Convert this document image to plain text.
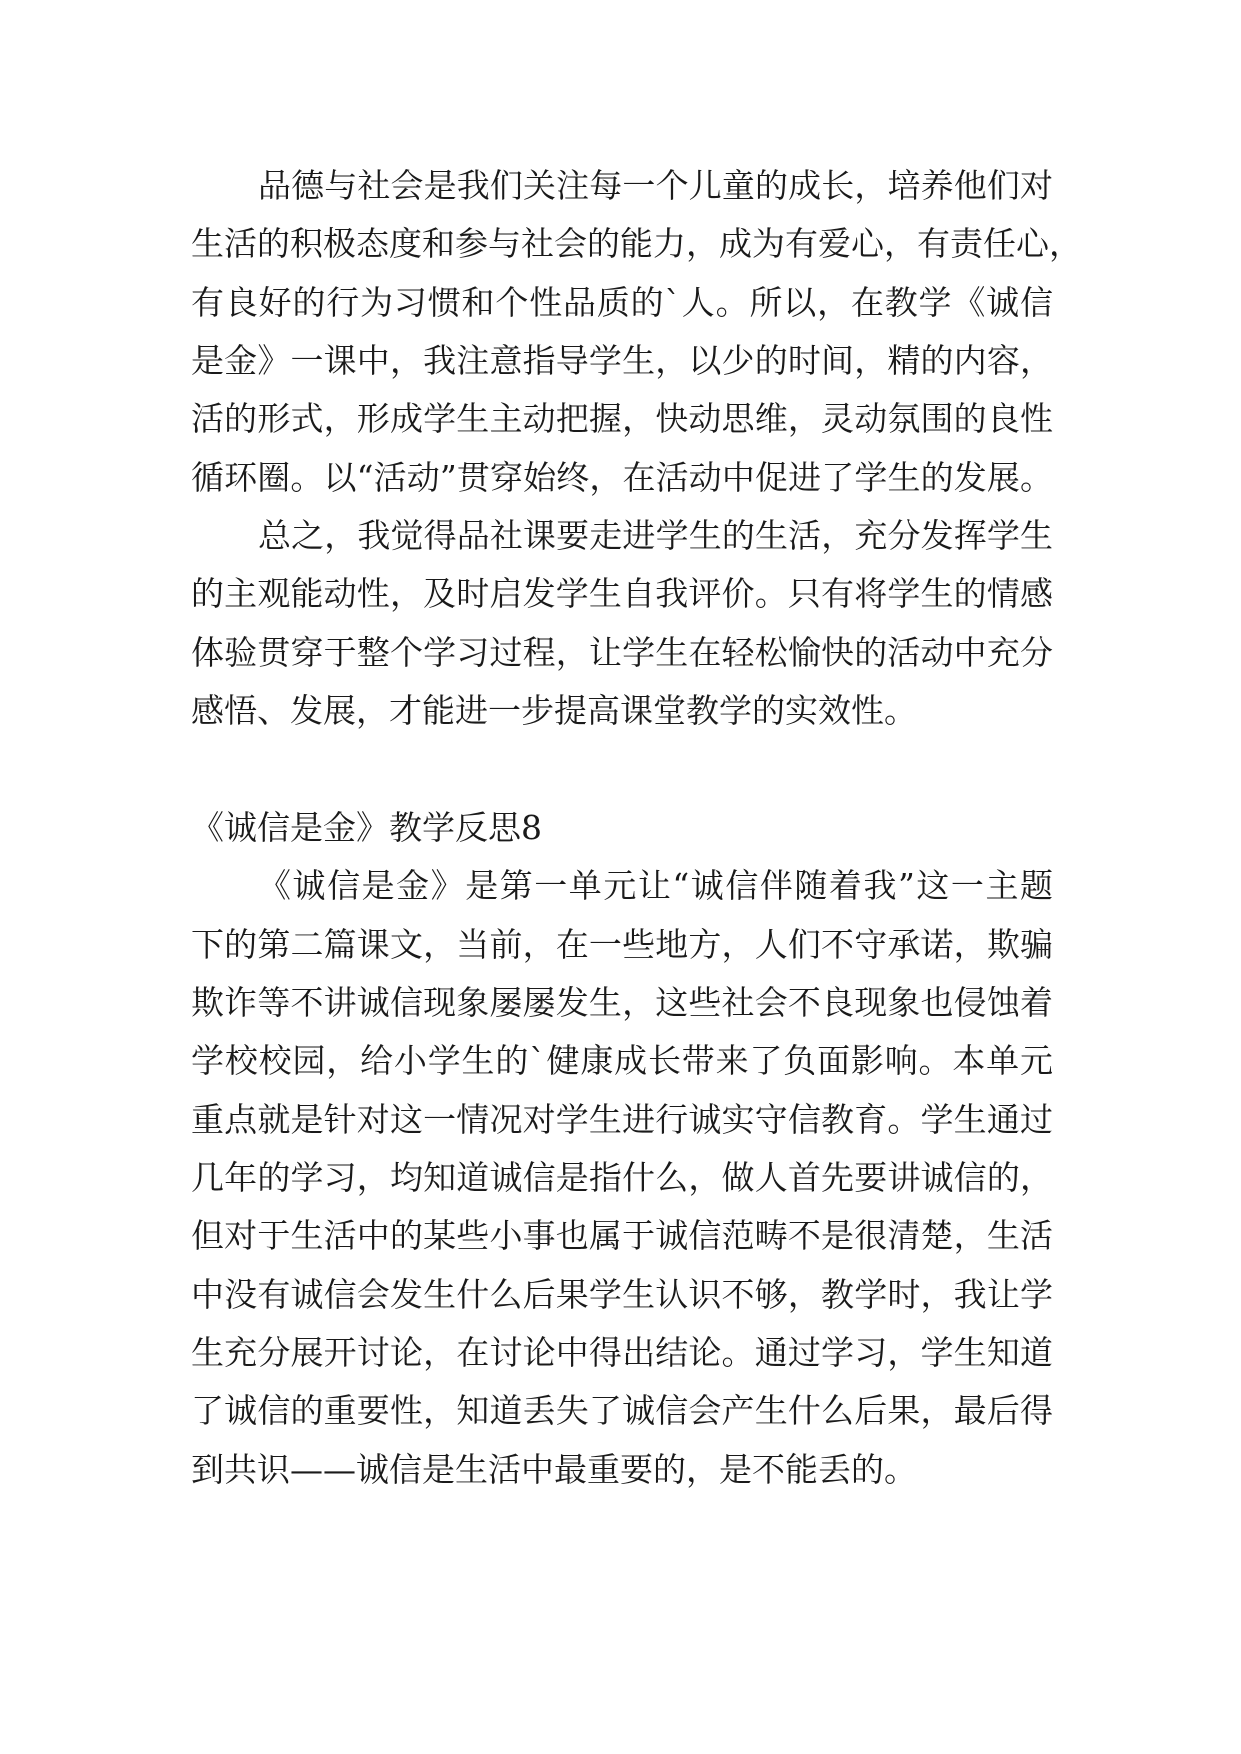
品德与社会是我们关注每一个儿童的成长，培养他们对
生活的积极态度和参与社会的能力，成为有爱心，有责任心，
有良好的行为习惯和个性品质的`人。所以，在教学《诚信
是金》一课中，我注意指导学生，以少的时间，精的内容，
活的形式，形成学生主动把握，快动思维，灵动氛围的良性
循环圈。以“活动”贯穿始终，在活动中促进了学生的发展。
总之，我觉得品社课要走进学生的生活，充分发挥学生
的主观能动性，及时启发学生自我评价。只有将学生的情感
体验贯穿于整个学习过程，让学生在轻松愉快的活动中充分
感悟、发展，才能进一步提高课堂教学的实效性。
《诚信是金》教学反思8
《诚信是金》是第一单元让“诚信伴随着我”这一主题
下的第二篇课文，当前，在一些地方，人们不守承诺，欺骗
欺诈等不讲诚信现象屡屡发生，这些社会不良现象也侵蚀着
学校校园，给小学生的`健康成长带来了负面影响。本单元
重点就是针对这一情况对学生进行诚实守信教育。学生通过
几年的学习，均知道诚信是指什么，做人首先要讲诚信的，
但对于生活中的某些小事也属于诚信范畴不是很清楚，生活
中没有诚信会发生什么后果学生认识不够，教学时，我让学
生充分展开讨论，在讨论中得出结论。通过学习，学生知道
了诚信的重要性，知道丢失了诚信会产生什么后果，最后得
到共识——诚信是生活中最重要的，是不能丢的。
